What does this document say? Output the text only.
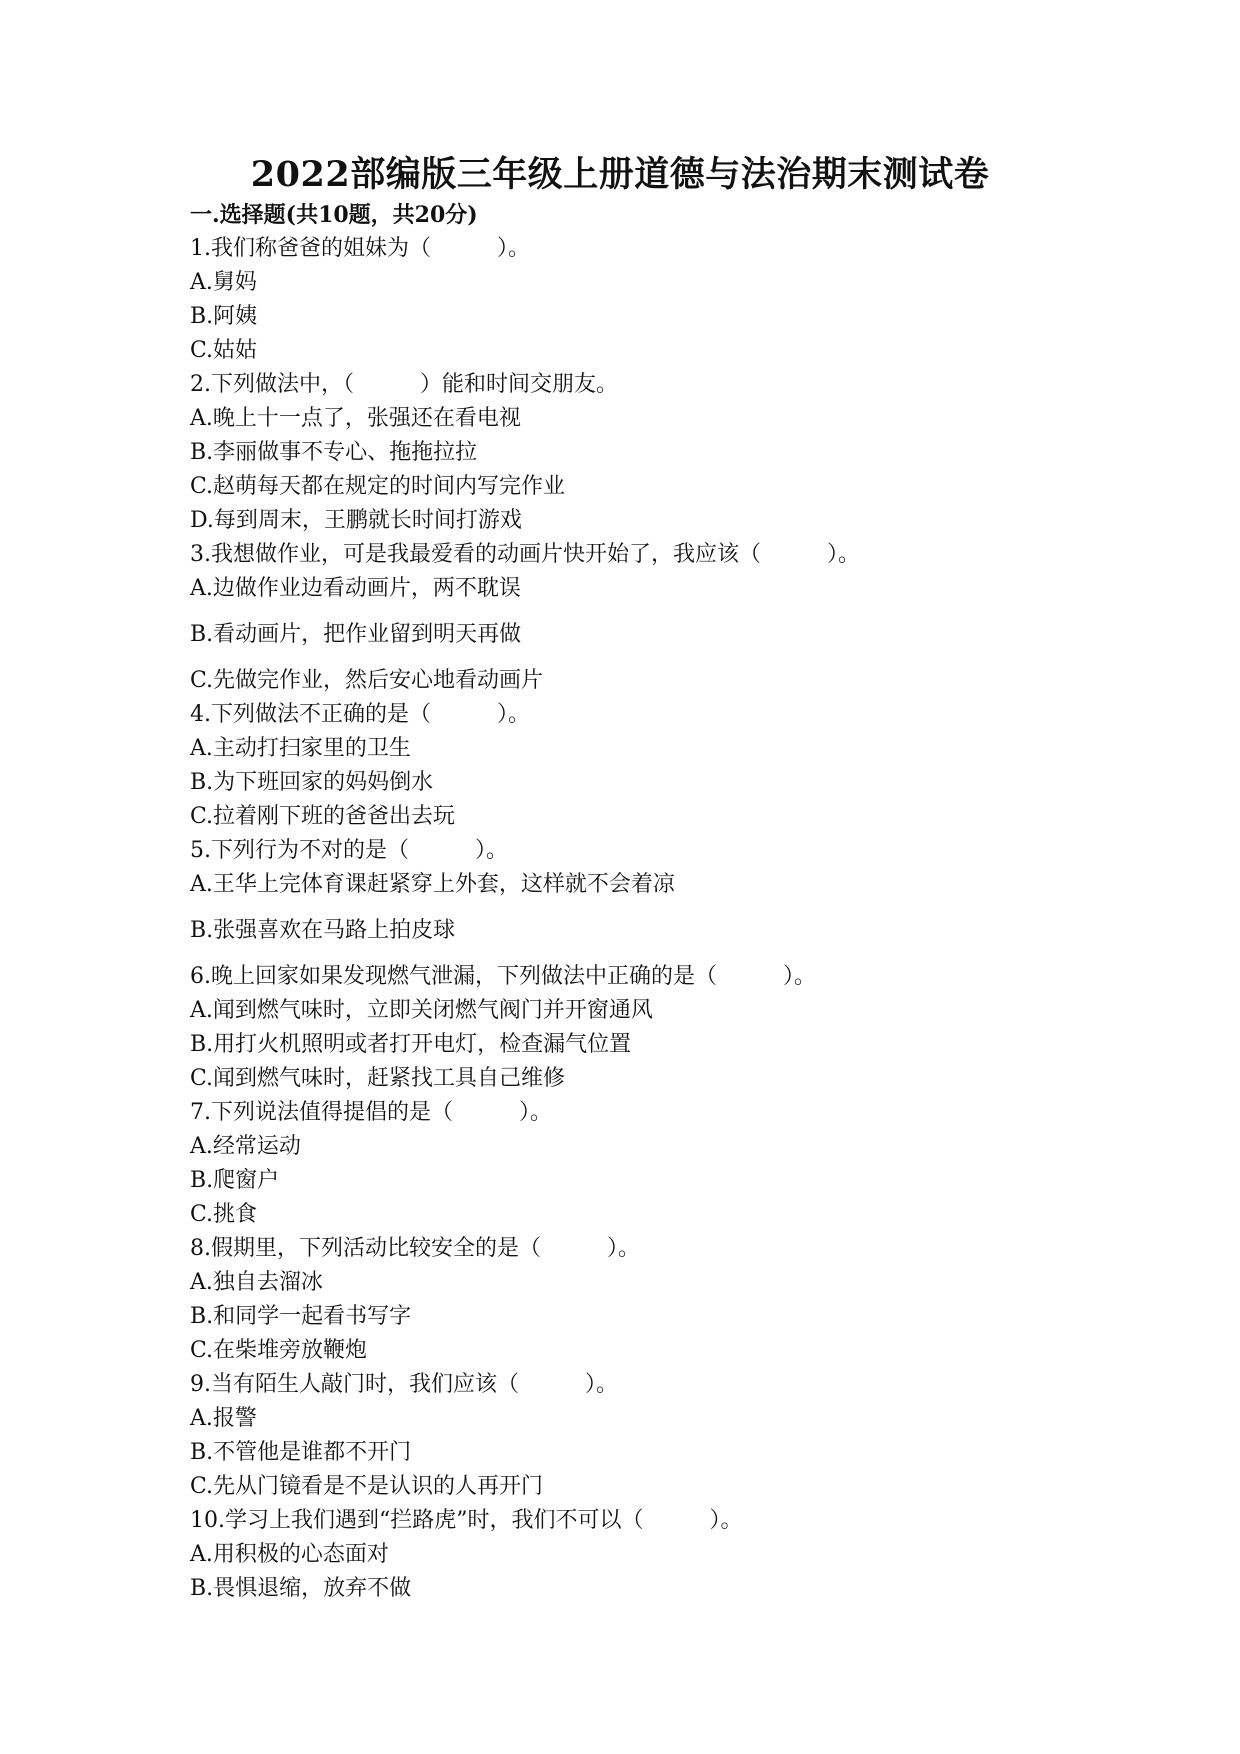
2022部编版三年级上册道德与法治期末测试卷
一.选择题(共10题，共20分)
1.我们称爸爸的姐妹为（　　　）。
A.舅妈
B.阿姨
C.姑姑
2.下列做法中，（　　　）能和时间交朋友。
A.晚上十一点了，张强还在看电视
B.李丽做事不专心、拖拖拉拉
C.赵萌每天都在规定的时间内写完作业
D.每到周末，王鹏就长时间打游戏
3.我想做作业，可是我最爱看的动画片快开始了，我应该（　　　）。
A.边做作业边看动画片，两不耽误
B.看动画片，把作业留到明天再做
C.先做完作业，然后安心地看动画片
4.下列做法不正确的是（　　　）。
A.主动打扫家里的卫生
B.为下班回家的妈妈倒水
C.拉着刚下班的爸爸出去玩
5.下列行为不对的是（　　　）。
A.王华上完体育课赶紧穿上外套，这样就不会着凉
B.张强喜欢在马路上拍皮球
6.晚上回家如果发现燃气泄漏，下列做法中正确的是（　　　）。
A.闻到燃气味时，立即关闭燃气阀门并开窗通风
B.用打火机照明或者打开电灯，检查漏气位置
C.闻到燃气味时，赶紧找工具自己维修
7.下列说法值得提倡的是（　　　）。
A.经常运动
B.爬窗户
C.挑食
8.假期里，下列活动比较安全的是（　　　）。
A.独自去溜冰
B.和同学一起看书写字
C.在柴堆旁放鞭炮
9.当有陌生人敲门时，我们应该（　　　）。
A.报警
B.不管他是谁都不开门
C.先从门镜看是不是认识的人再开门
10.学习上我们遇到“拦路虎”时，我们不可以（　　　）。
A.用积极的心态面对
B.畏惧退缩，放弃不做
